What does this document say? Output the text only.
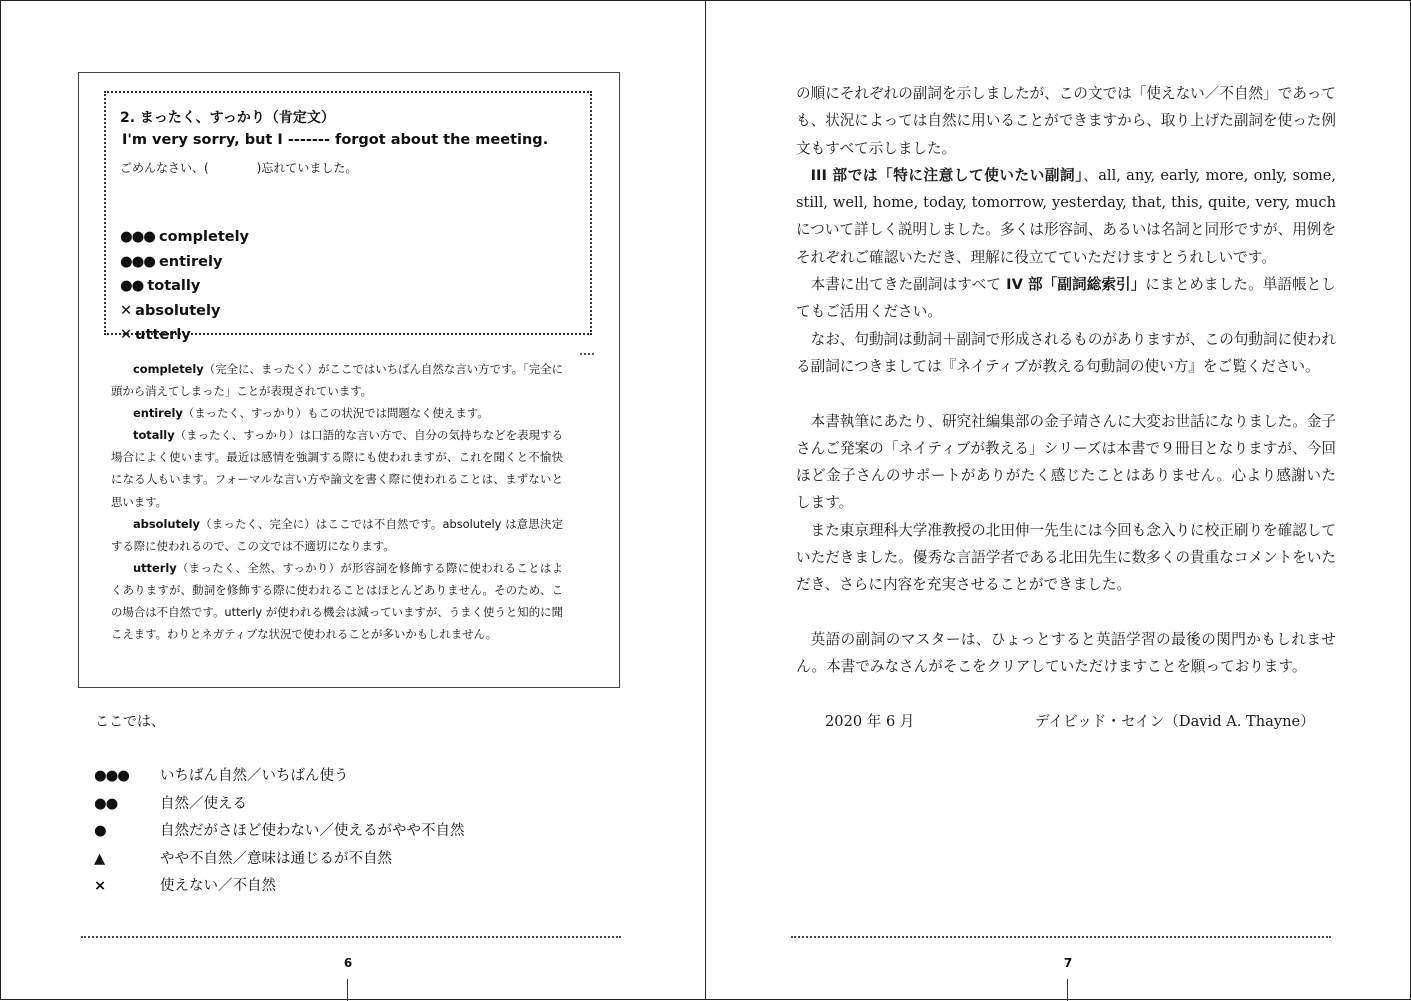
2. まったく、すっかり（肯定文）
I'm very sorry, but I ------- forgot about the meeting.
ごめんなさい、(　　　　)忘れていました。
●●● completely
●●● entirely
●● totally
✕ absolutely
✕ utterly

completely（完全に、まったく）がここではいちばん自然な言い方です。「完全に頭から消えてしまった」ことが表現されています。

entirely（まったく、すっかり）もこの状況では問題なく使えます。

totally（まったく、すっかり）は口語的な言い方で、自分の気持ちなどを表現する場合によく使います。最近は感情を強調する際にも使われますが、これを聞くと不愉快になる人もいます。フォーマルな言い方や論文を書く際に使われることは、まずないと思います。

absolutely（まったく、完全に）はここでは不自然です。absolutely は意思決定する際に使われるので、この文では不適切になります。

utterly（まったく、全然、すっかり）が形容詞を修飾する際に使われることはよくありますが、動詞を修飾する際に使われることはほとんどありません。そのため、この場合は不自然です。utterly が使われる機会は減っていますが、うまく使うと知的に聞こえます。わりとネガティブな状況で使われることが多いかもしれません。

ここでは、
●●● いちばん自然／いちばん使う
●●	自然／使える
●	自然だがさほど使わない／使えるがやや不自然
▲	やや不自然／意味は通じるが不自然
×	使えない／不自然
6

の順にそれぞれの副詞を示しましたが、この文では「使えない／不自然」であっても、状況によっては自然に用いることができますから、取り上げた副詞を使った例文もすべて示しました。

III 部では「特に注意して使いたい副詞」、all, any, early, more, only, some, still, well, home, today, tomorrow, yesterday, that, this, quite, very, much について詳しく説明しました。多くは形容詞、あるいは名詞と同形ですが、用例をそれぞれご確認いただき、理解に役立てていただけますとうれしいです。

本書に出てきた副詞はすべて IV 部「副詞総索引」にまとめました。単語帳としてもご活用ください。

なお、句動詞は動詞＋副詞で形成されるものがありますが、この句動詞に使われる副詞につきましては『ネイティブが教える句動詞の使い方』をご覧ください。

本書執筆にあたり、研究社編集部の金子靖さんに大変お世話になりました。金子さんご発案の「ネイティブが教える」シリーズは本書で９冊目となりますが、今回ほど金子さんのサポートがありがたく感じたことはありません。心より感謝いたします。

また東京理科大学准教授の北田伸一先生には今回も念入りに校正刷りを確認していただきました。優秀な言語学者である北田先生に数多くの貴重なコメントをいただき、さらに内容を充実させることができました。

英語の副詞のマスターは、ひょっとすると英語学習の最後の関門かもしれません。本書でみなさんがそこをクリアしていただけますことを願っております。

2020 年 6 月	デイビッド・セイン（David A. Thayne）
7
